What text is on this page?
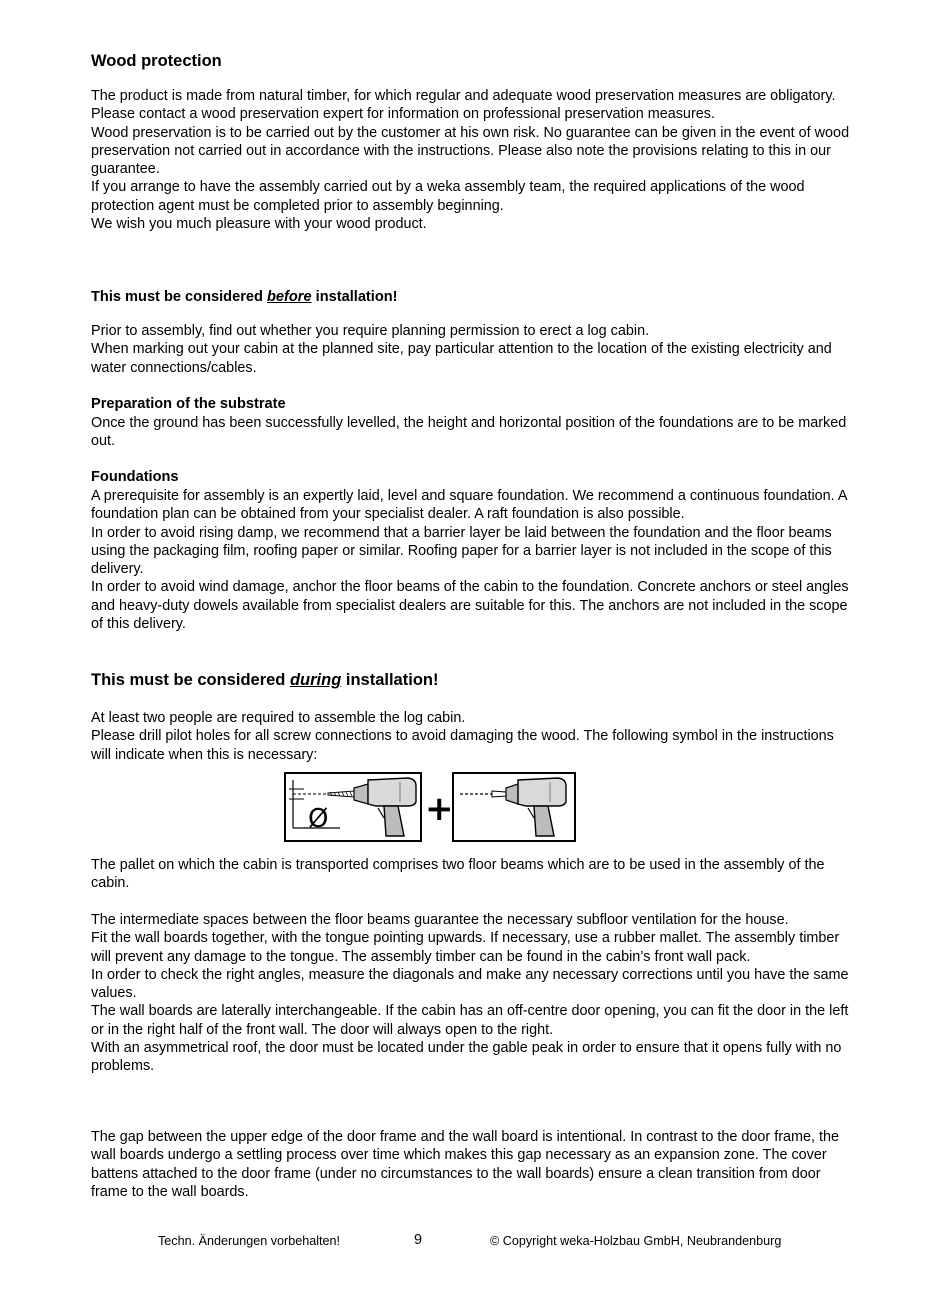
Wood protection

The product is made from natural timber, for which regular and adequate wood preservation measures are obligatory. Please contact a wood preservation expert for information on professional preservation measures.
Wood preservation is to be carried out by the customer at his own risk. No guarantee can be given in the event of wood preservation not carried out in accordance with the instructions. Please also note the provisions relating to this in our guarantee.
If you arrange to have the assembly carried out by a weka assembly team, the required applications of the wood protection agent must be completed prior to assembly beginning.
We wish you much pleasure with your wood product.

This must be considered before installation!

Prior to assembly, find out whether you require planning permission to erect a log cabin.
When marking out your cabin at the planned site, pay particular attention to the location of the existing electricity and water connections/cables.

Preparation of the substrate

Once the ground has been successfully levelled, the height and horizontal position of the foundations are to be marked out.

Foundations

A prerequisite for assembly is an expertly laid, level and square foundation. We recommend a continuous foundation. A foundation plan can be obtained from your specialist dealer. A raft foundation is also possible.
In order to avoid rising damp, we recommend that a barrier layer be laid between the foundation and the floor beams using the packaging film, roofing paper or similar. Roofing paper for a barrier layer is not included in the scope of this delivery.
In order to avoid wind damage, anchor the floor beams of the cabin to the foundation. Concrete anchors or steel angles and heavy-duty dowels available from specialist dealers are suitable for this. The anchors are not included in the scope of this delivery.

This must be considered during installation!

At least two people are required to assemble the log cabin.
Please drill pilot holes for all screw connections to avoid damaging the wood. The following symbol in the instructions will indicate when this is necessary:

Ø	+

The pallet on which the cabin is transported comprises two floor beams which are to be used in the assembly of the cabin.

The intermediate spaces between the floor beams guarantee the necessary subfloor ventilation for the house.
Fit the wall boards together, with the tongue pointing upwards. If necessary, use a rubber mallet. The assembly timber will prevent any damage to the tongue. The assembly timber can be found in the cabin’s front wall pack.
In order to check the right angles, measure the diagonals and make any necessary corrections until you have the same values.
The wall boards are laterally interchangeable. If the cabin has an off-centre door opening, you can fit the door in the left or in the right half of the front wall. The door will always open to the right.
With an asymmetrical roof, the door must be located under the gable peak in order to ensure that it opens fully with no problems.

The gap between the upper edge of the door frame and the wall board is intentional. In contrast to the door frame, the wall boards undergo a settling process over time which makes this gap necessary as an expansion zone. The cover battens attached to the door frame (under no circumstances to the wall boards) ensure a clean transition from door frame to the wall boards.

Techn. Änderungen vorbehalten!	9	© Copyright weka-Holzbau GmbH, Neubrandenburg
